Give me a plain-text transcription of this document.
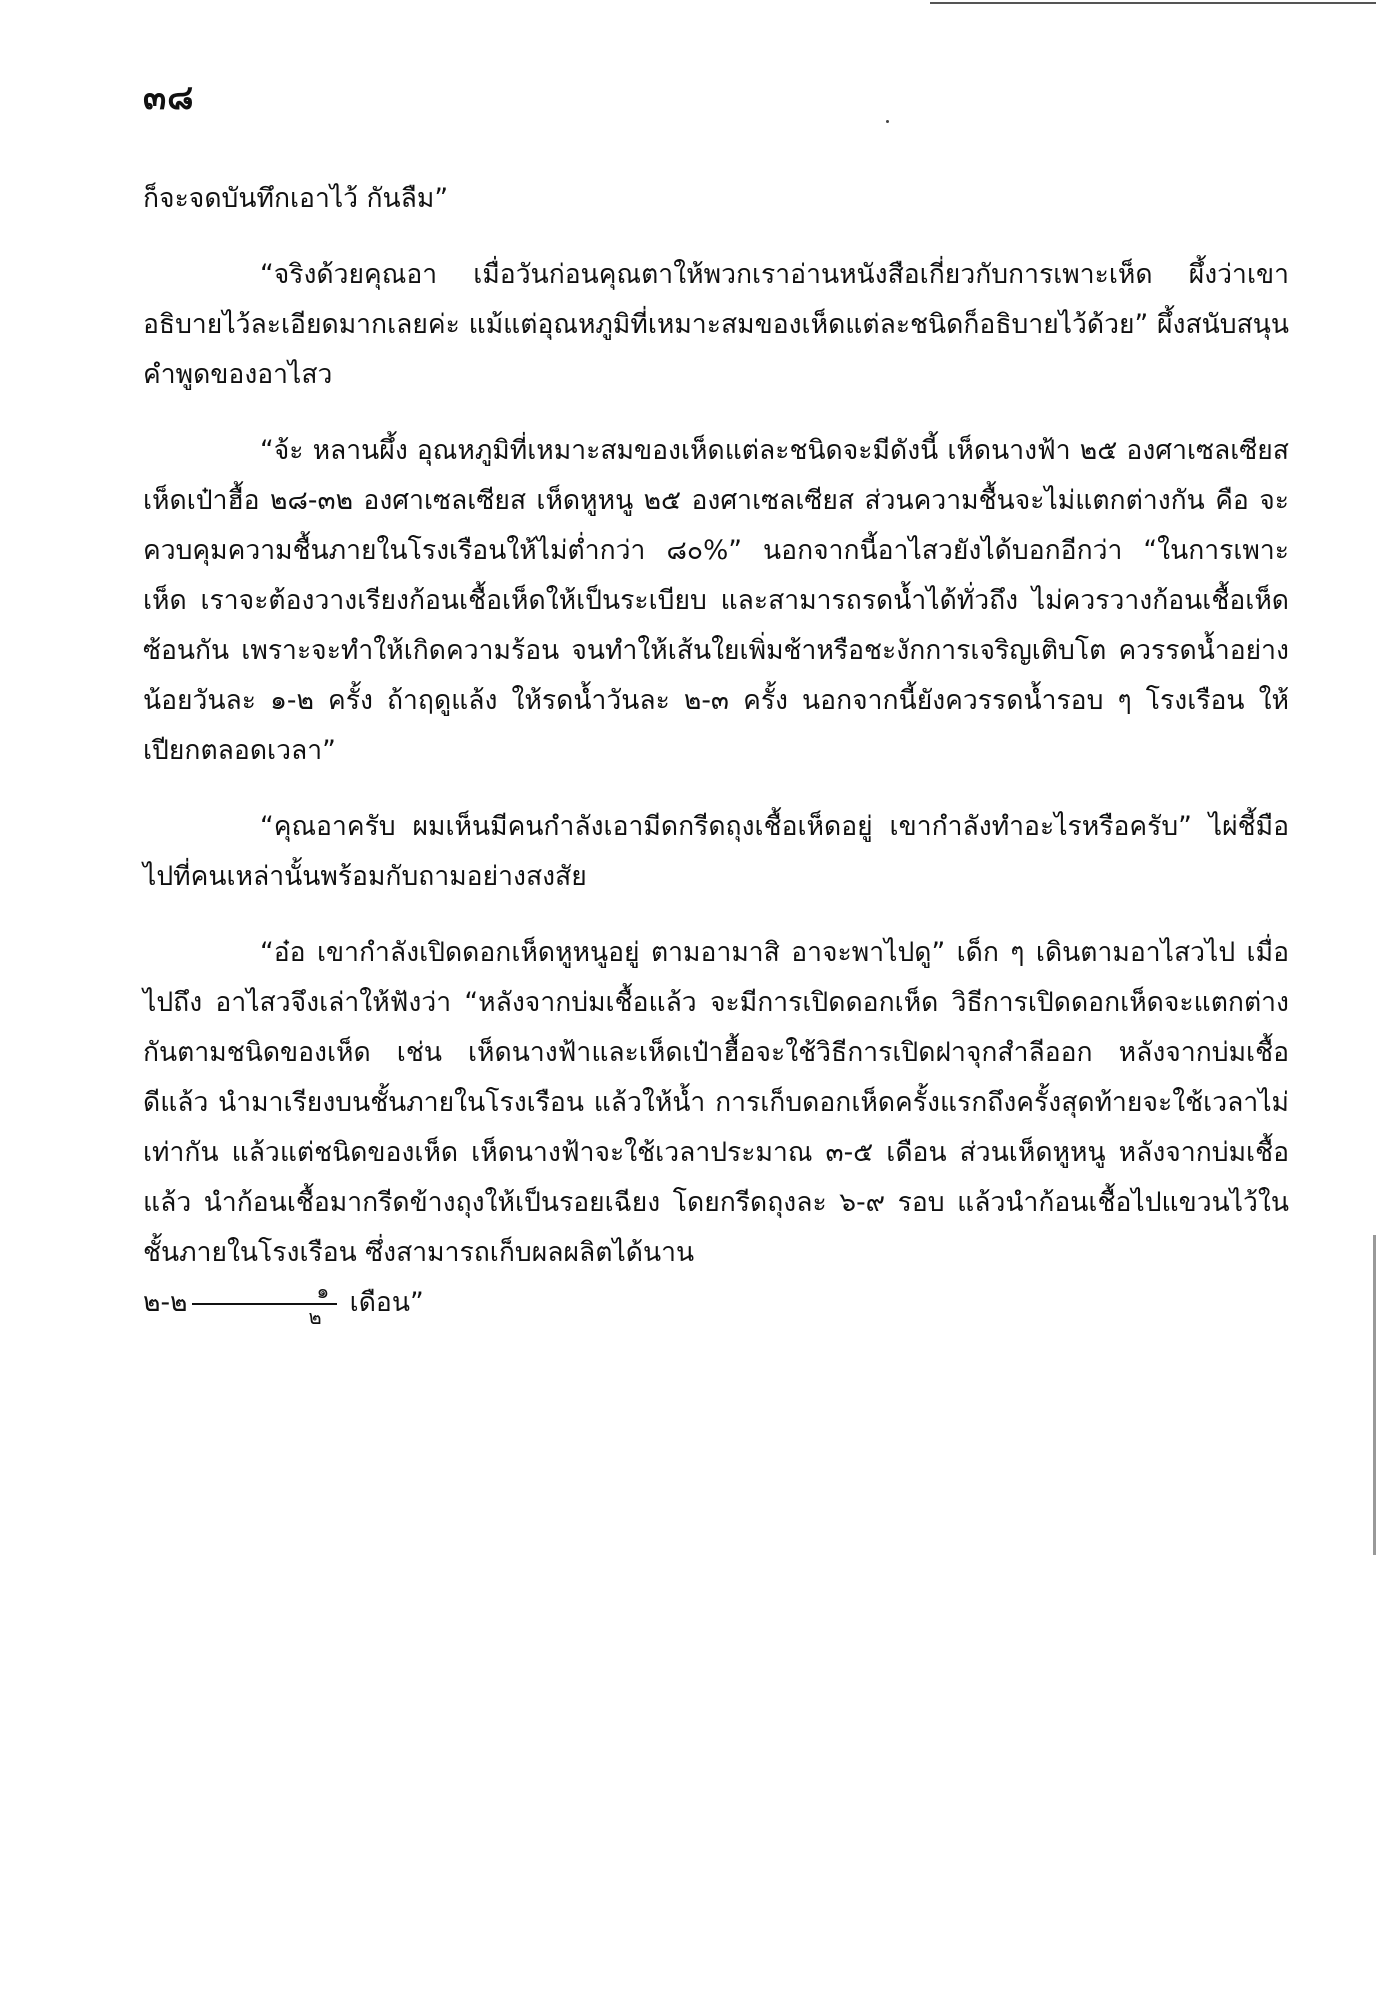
๓๘

ก็จะจดบันทึกเอาไว้ กันลืม”

“จริงด้วยคุณอา เมื่อวันก่อนคุณตาให้พวกเราอ่านหนังสือเกี่ยวกับการเพาะเห็ด ผึ้งว่าเขาอธิบายไว้ละเอียดมากเลยค่ะ แม้แต่อุณหภูมิที่เหมาะสมของเห็ดแต่ละชนิดก็อธิบายไว้ด้วย” ผึ้งสนับสนุนคำพูดของอาไสว

“จ้ะ หลานผึ้ง อุณหภูมิที่เหมาะสมของเห็ดแต่ละชนิดจะมีดังนี้ เห็ดนางฟ้า ๒๕ องศาเซลเซียส เห็ดเป๋าฮื้อ ๒๘-๓๒ องศาเซลเซียส เห็ดหูหนู ๒๕ องศาเซลเซียส ส่วนความชื้นจะไม่แตกต่างกัน คือ จะควบคุมความชื้นภายในโรงเรือนให้ไม่ต่ำกว่า ๘๐%” นอกจากนี้อาไสวยังได้บอกอีกว่า “ในการเพาะเห็ด เราจะต้องวางเรียงก้อนเชื้อเห็ดให้เป็นระเบียบ และสามารถรดน้ำได้ทั่วถึง ไม่ควรวางก้อนเชื้อเห็ดซ้อนกัน เพราะจะทำให้เกิดความร้อน จนทำให้เส้นใยเพิ่มช้าหรือชะงักการเจริญเติบโต ควรรดน้ำอย่างน้อยวันละ ๑-๒ ครั้ง ถ้าฤดูแล้ง ให้รดน้ำวันละ ๒-๓ ครั้ง นอกจากนี้ยังควรรดน้ำรอบ ๆ โรงเรือน ให้เปียกตลอดเวลา”

“คุณอาครับ ผมเห็นมีคนกำลังเอามีดกรีดถุงเชื้อเห็ดอยู่ เขากำลังทำอะไรหรือครับ” ไผ่ชี้มือไปที่คนเหล่านั้นพร้อมกับถามอย่างสงสัย

“อ๋อ เขากำลังเปิดดอกเห็ดหูหนูอยู่ ตามอามาสิ อาจะพาไปดู” เด็ก ๆ เดินตามอาไสวไป เมื่อไปถึง อาไสวจึงเล่าให้ฟังว่า “หลังจากบ่มเชื้อแล้ว จะมีการเปิดดอกเห็ด วิธีการเปิดดอกเห็ดจะแตกต่างกันตามชนิดของเห็ด เช่น เห็ดนางฟ้าและเห็ดเป๋าฮื้อจะใช้วิธีการเปิดฝาจุกสำลีออก หลังจากบ่มเชื้อดีแล้ว นำมาเรียงบนชั้นภายในโรงเรือน แล้วให้น้ำ การเก็บดอกเห็ดครั้งแรกถึงครั้งสุดท้ายจะใช้เวลาไม่เท่ากัน แล้วแต่ชนิดของเห็ด เห็ดนางฟ้าจะใช้เวลาประมาณ ๓-๕ เดือน ส่วนเห็ดหูหนู หลังจากบ่มเชื้อแล้ว นำก้อนเชื้อมากรีดข้างถุงให้เป็นรอยเฉียง โดยกรีดถุงละ ๖-๙ รอบ แล้วนำก้อนเชื้อไปแขวนไว้ในชั้นภายในโรงเรือน ซึ่งสามารถเก็บผลผลิตได้นาน
๒-๒ $\frac{๑}{๒}$ เดือน”
